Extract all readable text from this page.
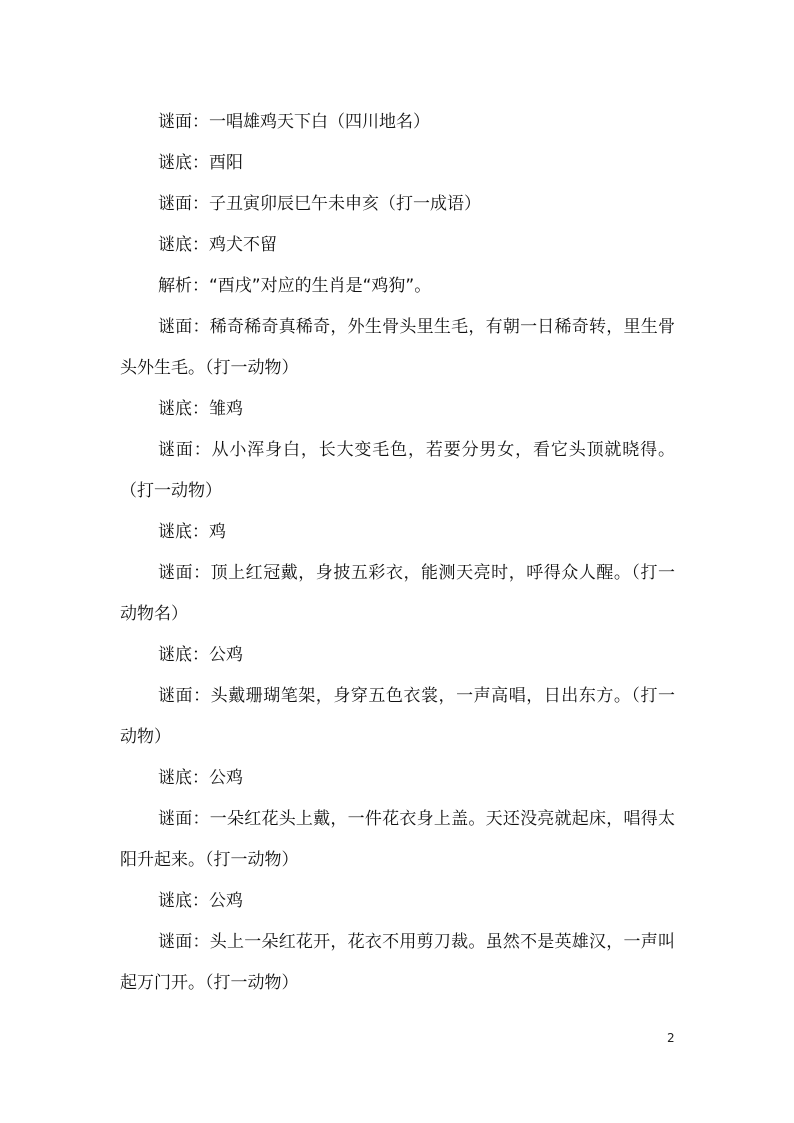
谜面：一唱雄鸡天下白（四川地名）

谜底：酉阳

谜面：子丑寅卯辰巳午未申亥（打一成语）

谜底：鸡犬不留

解析：“酉戌”对应的生肖是“鸡狗”。

谜面：稀奇稀奇真稀奇，外生骨头里生毛，有朝一日稀奇转，里生骨头外生毛。（打一动物）

谜底：雏鸡

谜面：从小浑身白，长大变毛色，若要分男女，看它头顶就晓得。（打一动物）

谜底：鸡

谜面：顶上红冠戴，身披五彩衣，能测天亮时，呼得众人醒。（打一动物名）

谜底：公鸡

谜面：头戴珊瑚笔架，身穿五色衣裳，一声高唱，日出东方。（打一动物）

谜底：公鸡

谜面：一朵红花头上戴，一件花衣身上盖。天还没亮就起床，唱得太阳升起来。（打一动物）

谜底：公鸡

谜面：头上一朵红花开，花衣不用剪刀裁。虽然不是英雄汉，一声叫起万门开。（打一动物）

2
